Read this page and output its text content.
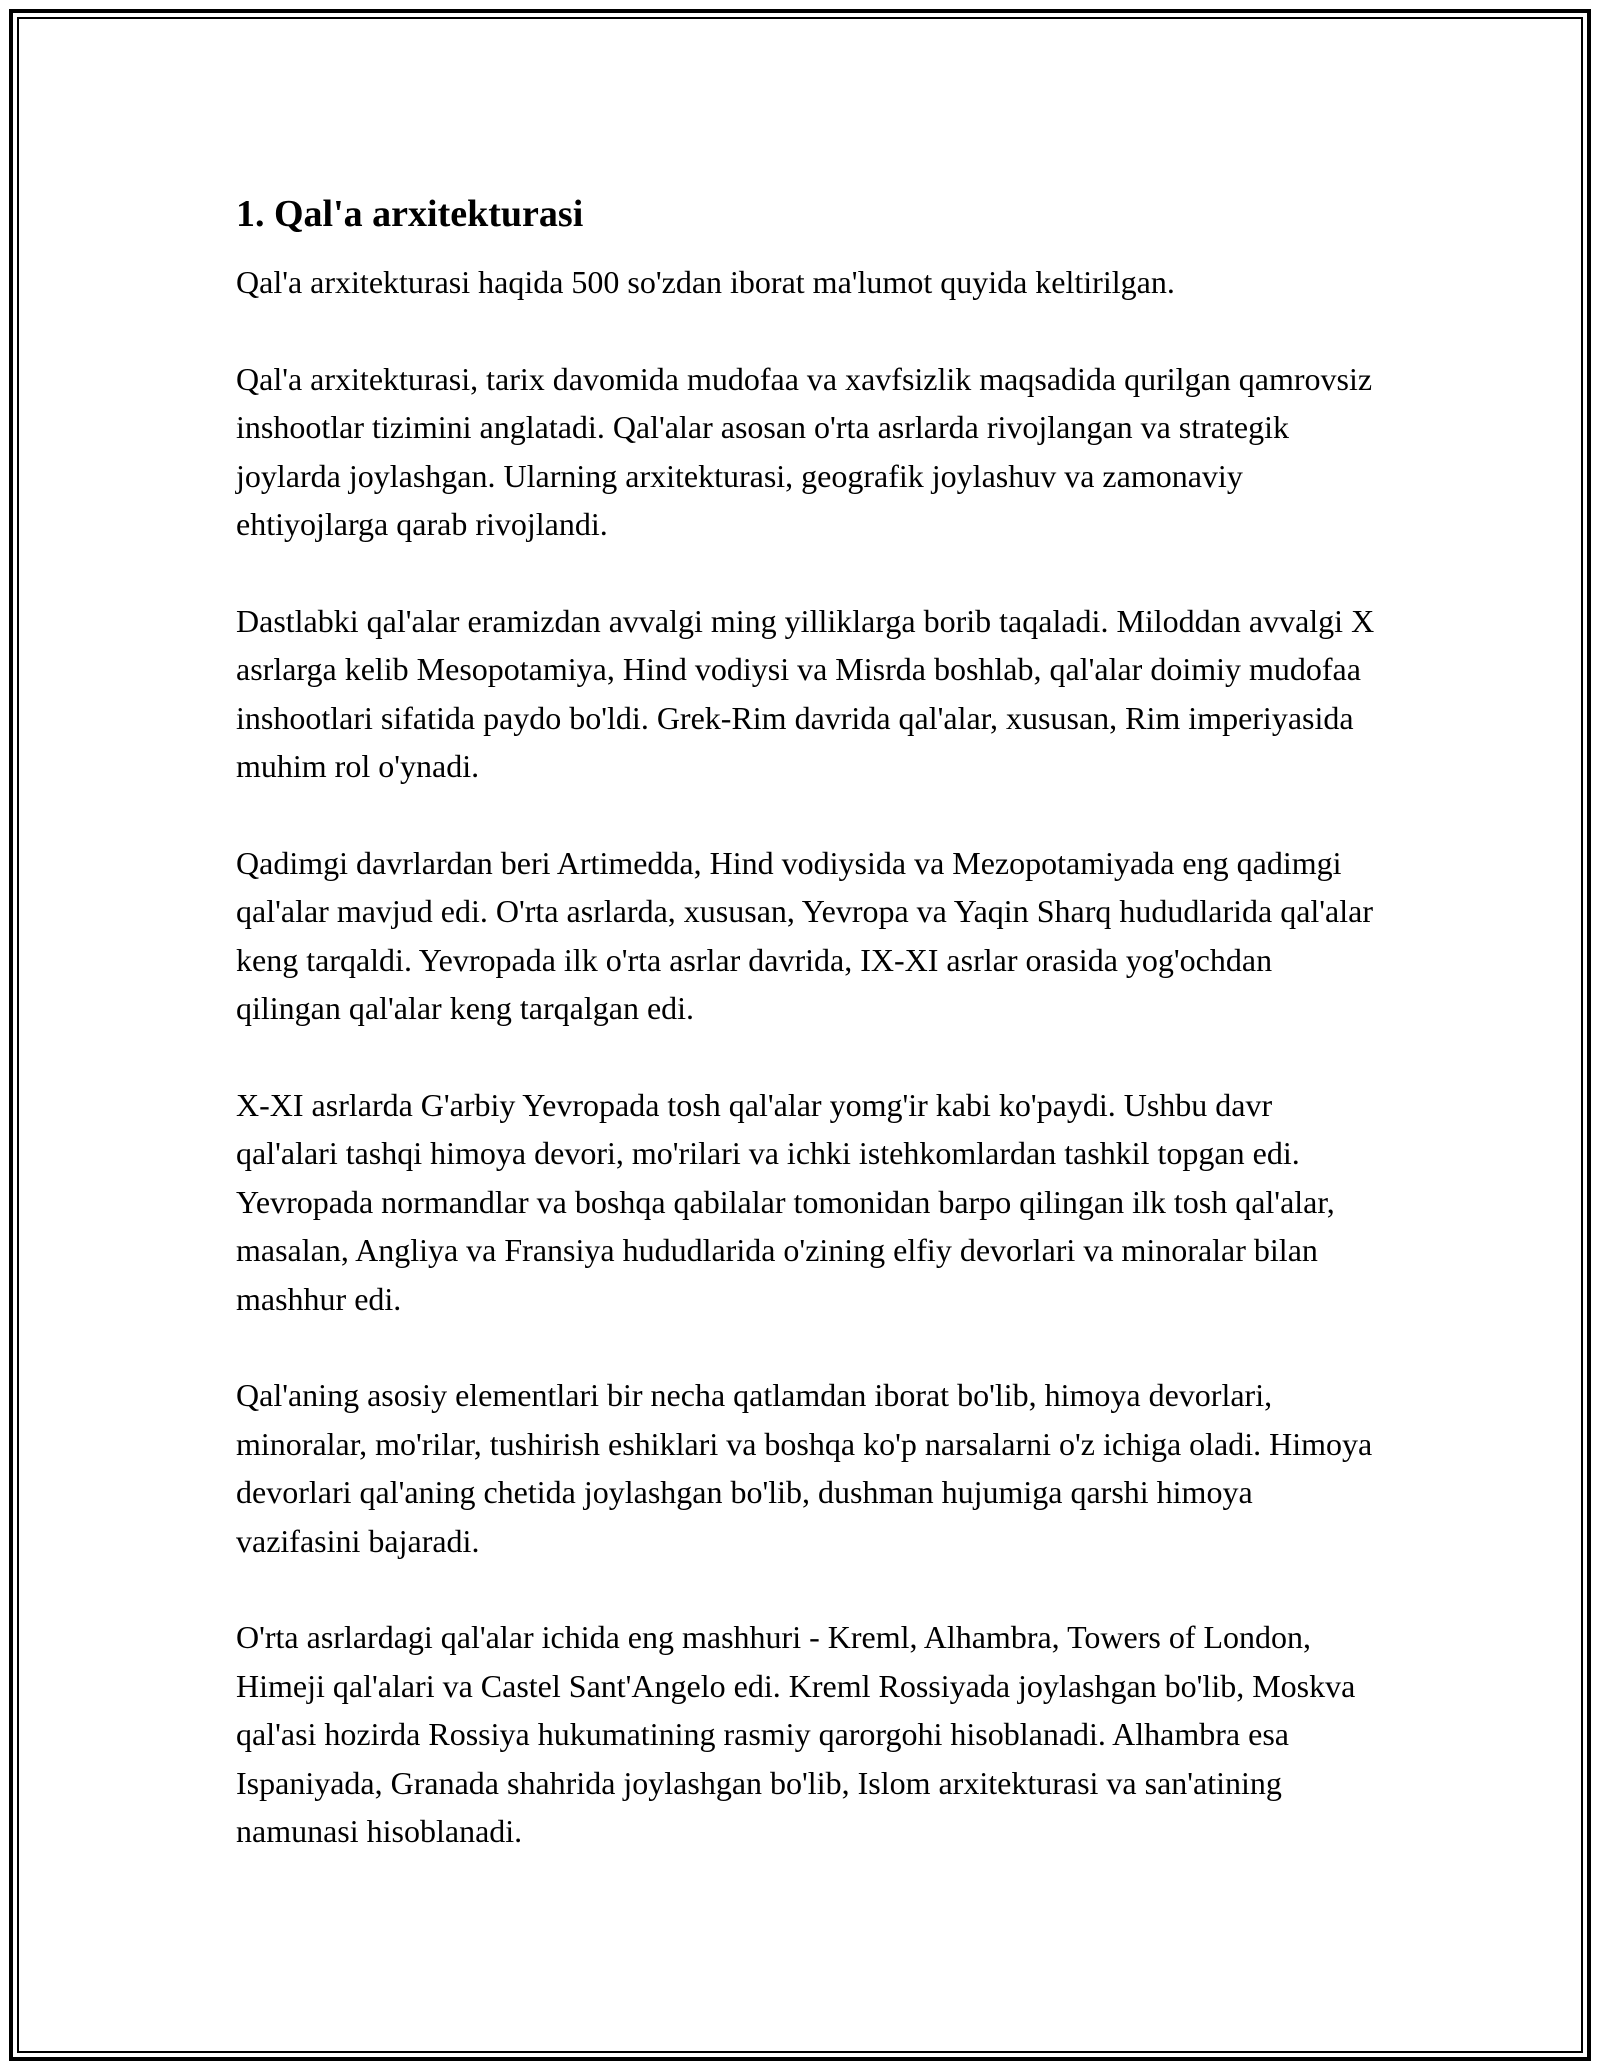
1. Qal'a arxitekturasi

Qal'a arxitekturasi haqida 500 so'zdan iborat ma'lumot quyida keltirilgan.

Qal'a arxitekturasi, tarix davomida mudofaa va xavfsizlik maqsadida qurilgan qamrovsiz inshootlar tizimini anglatadi. Qal'alar asosan o'rta asrlarda rivojlangan va strategik joylarda joylashgan. Ularning arxitekturasi, geografik joylashuv va zamonaviy ehtiyojlarga qarab rivojlandi.

Dastlabki qal'alar eramizdan avvalgi ming yilliklarga borib taqaladi. Miloddan avvalgi X asrlarga kelib Mesopotamiya, Hind vodiysi va Misrda boshlab, qal'alar doimiy mudofaa inshootlari sifatida paydo bo'ldi. Grek-Rim davrida qal'alar, xususan, Rim imperiyasida muhim rol o'ynadi.

Qadimgi davrlardan beri Artimedda, Hind vodiysida va Mezopotamiyada eng qadimgi qal'alar mavjud edi. O'rta asrlarda, xususan, Yevropa va Yaqin Sharq hududlarida qal'alar keng tarqaldi. Yevropada ilk o'rta asrlar davrida, IX-XI asrlar orasida yog'ochdan qilingan qal'alar keng tarqalgan edi.

X-XI asrlarda G'arbiy Yevropada tosh qal'alar yomg'ir kabi ko'paydi. Ushbu davr qal'alari tashqi himoya devori, mo'rilari va ichki istehkomlardan tashkil topgan edi. Yevropada normandlar va boshqa qabilalar tomonidan barpo qilingan ilk tosh qal'alar, masalan, Angliya va Fransiya hududlarida o'zining elfiy devorlari va minoralar bilan mashhur edi.

Qal'aning asosiy elementlari bir necha qatlamdan iborat bo'lib, himoya devorlari, minoralar, mo'rilar, tushirish eshiklari va boshqa ko'p narsalarni o'z ichiga oladi. Himoya devorlari qal'aning chetida joylashgan bo'lib, dushman hujumiga qarshi himoya vazifasini bajaradi.

O'rta asrlardagi qal'alar ichida eng mashhuri - Kreml, Alhambra, Towers of London, Himeji qal'alari va Castel Sant'Angelo edi. Kreml Rossiyada joylashgan bo'lib, Moskva qal'asi hozirda Rossiya hukumatining rasmiy qarorgohi hisoblanadi. Alhambra esa Ispaniyada, Granada shahrida joylashgan bo'lib, Islom arxitekturasi va san'atining namunasi hisoblanadi.
